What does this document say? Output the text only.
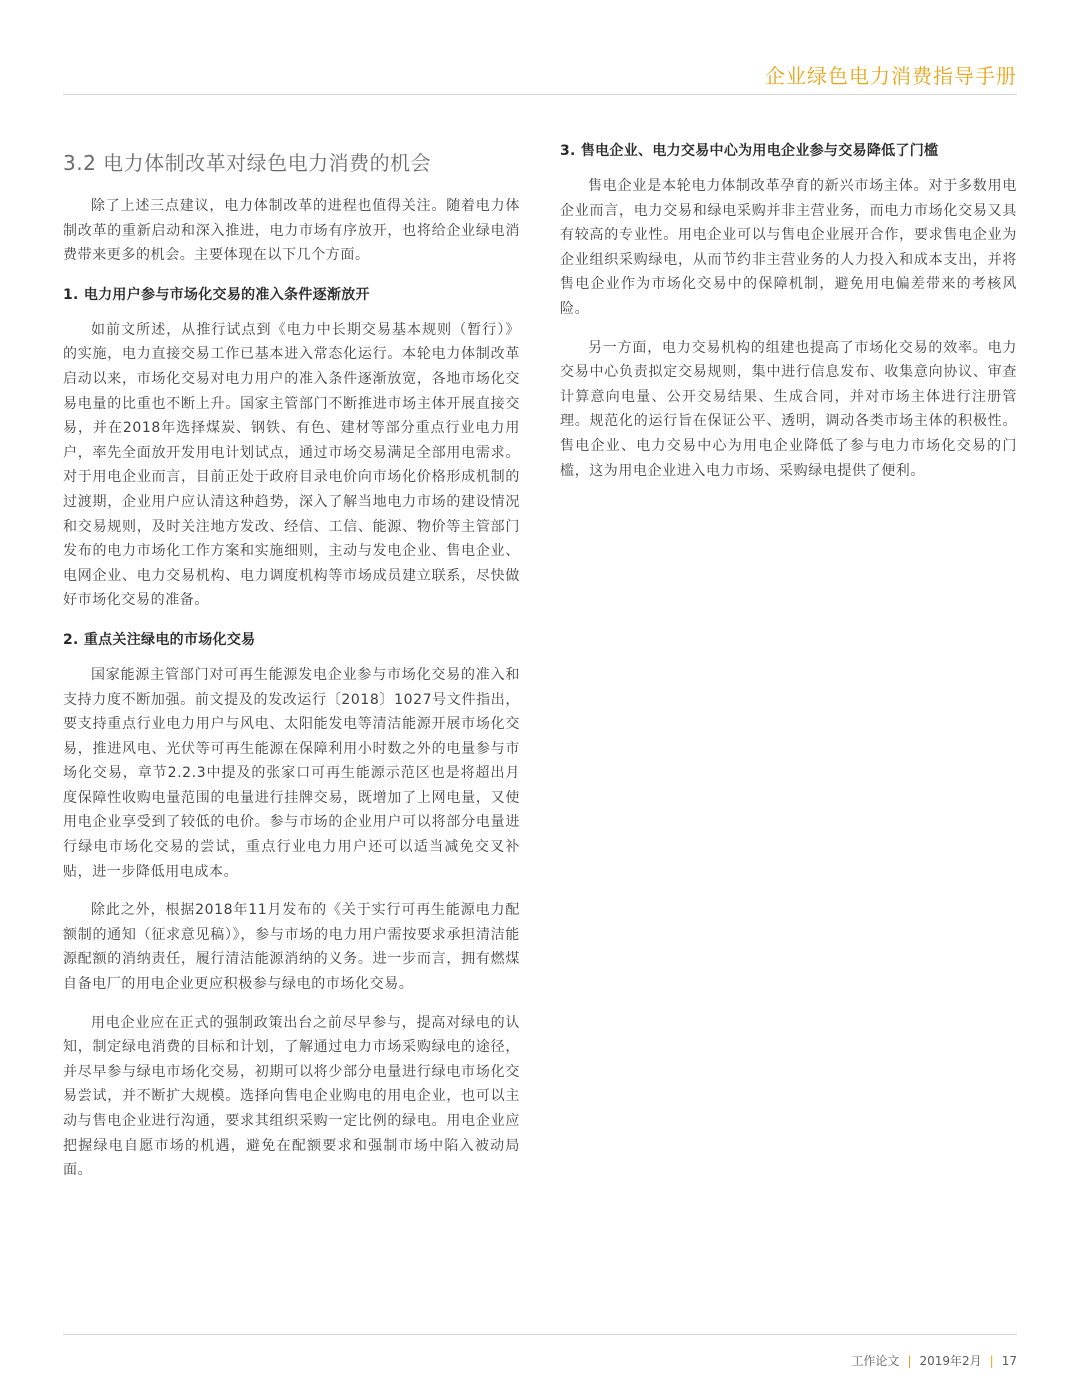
企业绿色电力消费指导手册
3.2 电力体制改革对绿色电力消费的机会

除了上述三点建议，电力体制改革的进程也值得关注。随着电力体制改革的重新启动和深入推进，电力市场有序放开，也将给企业绿电消费带来更多的机会。主要体现在以下几个方面。

1. 电力用户参与市场化交易的准入条件逐渐放开

如前文所述，从推行试点到《电力中长期交易基本规则（暂行）》的实施，电力直接交易工作已基本进入常态化运行。本轮电力体制改革启动以来，市场化交易对电力用户的准入条件逐渐放宽，各地市场化交易电量的比重也不断上升。国家主管部门不断推进市场主体开展直接交易，并在2018年选择煤炭、钢铁、有色、建材等部分重点行业电力用户，率先全面放开发用电计划试点，通过市场交易满足全部用电需求。对于用电企业而言，目前正处于政府目录电价向市场化价格形成机制的过渡期，企业用户应认清这种趋势，深入了解当地电力市场的建设情况和交易规则，及时关注地方发改、经信、工信、能源、物价等主管部门发布的电力市场化工作方案和实施细则，主动与发电企业、售电企业、电网企业、电力交易机构、电力调度机构等市场成员建立联系，尽快做好市场化交易的准备。

2. 重点关注绿电的市场化交易

国家能源主管部门对可再生能源发电企业参与市场化交易的准入和支持力度不断加强。前文提及的发改运行〔2018〕1027号文件指出，要支持重点行业电力用户与风电、太阳能发电等清洁能源开展市场化交易，推进风电、光伏等可再生能源在保障利用小时数之外的电量参与市场化交易，章节2.2.3中提及的张家口可再生能源示范区也是将超出月度保障性收购电量范围的电量进行挂牌交易，既增加了上网电量，又使用电企业享受到了较低的电价。参与市场的企业用户可以将部分电量进行绿电市场化交易的尝试，重点行业电力用户还可以适当减免交叉补贴，进一步降低用电成本。

除此之外，根据2018年11月发布的《关于实行可再生能源电力配额制的通知（征求意见稿）》，参与市场的电力用户需按要求承担清洁能源配额的消纳责任，履行清洁能源消纳的义务。进一步而言，拥有燃煤自备电厂的用电企业更应积极参与绿电的市场化交易。

用电企业应在正式的强制政策出台之前尽早参与，提高对绿电的认知，制定绿电消费的目标和计划，了解通过电力市场采购绿电的途径，并尽早参与绿电市场化交易，初期可以将少部分电量进行绿电市场化交易尝试，并不断扩大规模。选择向售电企业购电的用电企业，也可以主动与售电企业进行沟通，要求其组织采购一定比例的绿电。用电企业应把握绿电自愿市场的机遇，避免在配额要求和强制市场中陷入被动局面。

3. 售电企业、电力交易中心为用电企业参与交易降低了门槛

售电企业是本轮电力体制改革孕育的新兴市场主体。对于多数用电企业而言，电力交易和绿电采购并非主营业务，而电力市场化交易又具有较高的专业性。用电企业可以与售电企业展开合作，要求售电企业为企业组织采购绿电，从而节约非主营业务的人力投入和成本支出，并将售电企业作为市场化交易中的保障机制，避免用电偏差带来的考核风险。

另一方面，电力交易机构的组建也提高了市场化交易的效率。电力交易中心负责拟定交易规则，集中进行信息发布、收集意向协议、审查计算意向电量、公开交易结果、生成合同，并对市场主体进行注册管理。规范化的运行旨在保证公平、透明，调动各类市场主体的积极性。售电企业、电力交易中心为用电企业降低了参与电力市场化交易的门槛，这为用电企业进入电力市场、采购绿电提供了便利。

工作论文 | 2019年2月 | 17
